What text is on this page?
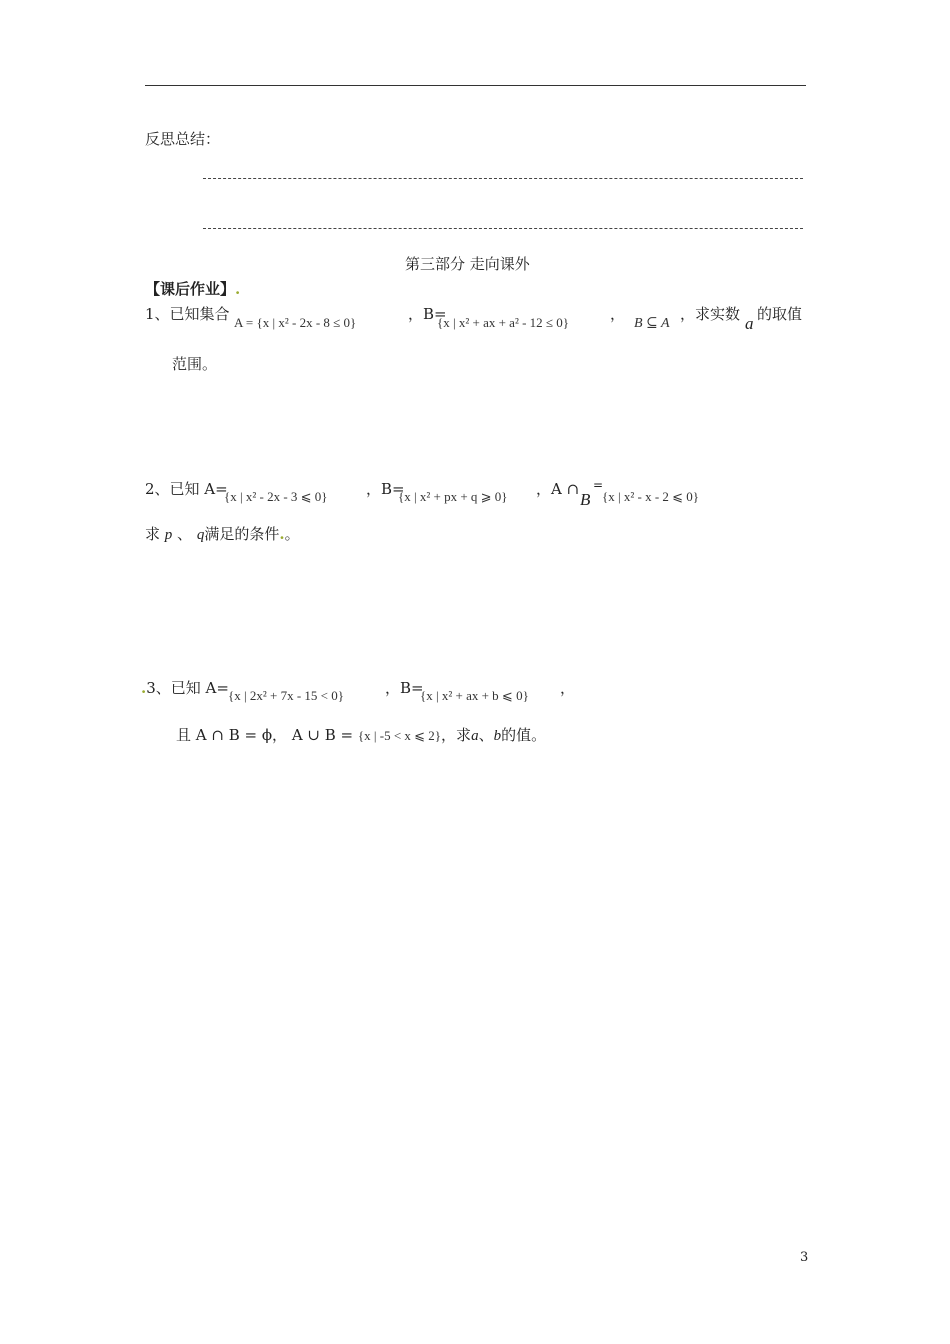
反思总结：
第三部分 走向课外
【课后作业】.
1、已知集合 A = {x | x² - 2x - 8 ≤ 0}	，B=
{x | x² + ax + a² - 12 ≤ 0}	，
B ⊆ A
，求实数 a 的取值
范围。
2、已知 A=
{x | x² - 2x - 3 ⩽ 0}	，B=
{x | x² + px + q ⩾ 0} ，A ∩
B
=
{x | x² - x - 2 ⩽ 0}
求 p 、 q满足的条件.。
.3、已知 A= {x | 2x² + 7x - 15 < 0}	，B=
{x | x² + ax + b ⩽ 0} ，
且 A ∩ B = ϕ， A ∪ B = {x | -5 < x ⩽ 2}，求a、b的值。
3
